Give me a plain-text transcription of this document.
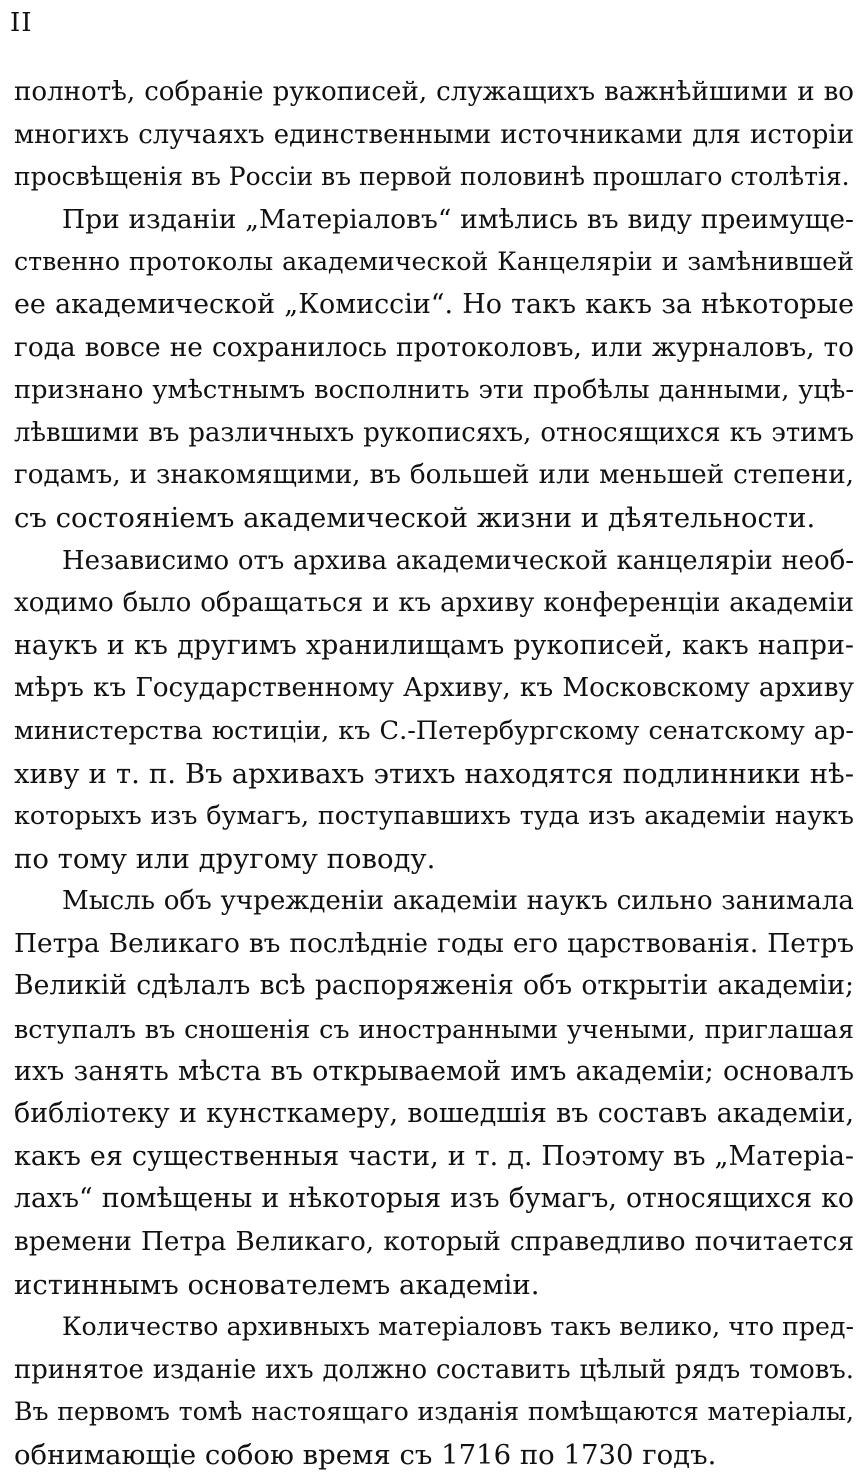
II
полнотѣ, собраніе рукописей, служащихъ важнѣйшими и во
многихъ случаяхъ единственными источниками для исторіи
просвѣщенія въ Россіи въ первой половинѣ прошлаго столѣтія.
При изданіи „Матеріаловъ“ имѣлись въ виду преимуще-
ственно протоколы академической Канцеляріи и замѣнившей
ее академической „Комиссіи“. Но такъ какъ за нѣкоторые
года вовсе не сохранилось протоколовъ, или журналовъ, то
признано умѣстнымъ восполнить эти пробѣлы данными, уцѣ-
лѣвшими въ различныхъ рукописяхъ, относящихся къ этимъ
годамъ, и знакомящими, въ большей или меньшей степени,
съ состояніемъ академической жизни и дѣятельности.
Независимо отъ архива академической канцеляріи необ-
ходимо было обращаться и къ архиву конференціи академіи
наукъ и къ другимъ хранилищамъ рукописей, какъ напри-
мѣръ къ Государственному Архиву, къ Московскому архиву
министерства юстиціи, къ С.-Петербургскому сенатскому ар-
хиву и т. п. Въ архивахъ этихъ находятся подлинники нѣ-
которыхъ изъ бумагъ, поступавшихъ туда изъ академіи наукъ
по тому или другому поводу.
Мысль объ учрежденіи академіи наукъ сильно занимала
Петра Великаго въ послѣдніе годы его царствованія. Петръ
Великій сдѣлалъ всѣ распоряженія объ открытіи академіи;
вступалъ въ сношенія съ иностранными учеными, приглашая
ихъ занять мѣста въ открываемой имъ академіи; основалъ
библіотеку и кунсткамеру, вошедшія въ составъ академіи,
какъ ея существенныя части, и т. д. Поэтому въ „Матеріа-
лахъ“ помѣщены и нѣкоторыя изъ бумагъ, относящихся ко
времени Петра Великаго, который справедливо почитается
истиннымъ основателемъ академіи.
Количество архивныхъ матеріаловъ такъ велико, что пред-
принятое изданіе ихъ должно составить цѣлый рядъ томовъ.
Въ первомъ томѣ настоящаго изданія помѣщаются матеріалы,
обнимающіе собою время съ 1716 по 1730 годъ.
